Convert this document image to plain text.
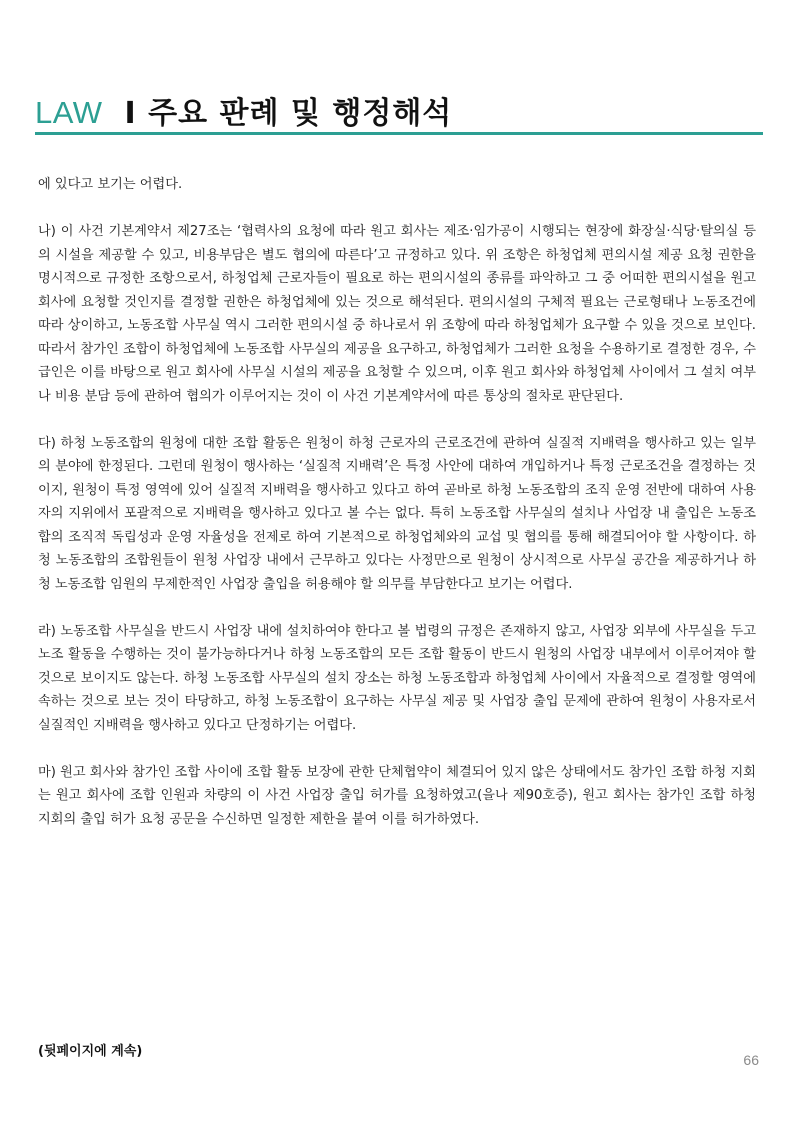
LAW I 주요 판례 및 행정해석

에 있다고 보기는 어렵다.

나) 이 사건 기본계약서 제27조는 ‘협력사의 요청에 따라 원고 회사는 제조·임가공이 시행되는 현장에 화장실·식당·탈의실 등의 시설을 제공할 수 있고, 비용부담은 별도 협의에 따른다’고 규정하고 있다. 위 조항은 하청업체 편의시설 제공 요청 권한을 명시적으로 규정한 조항으로서, 하청업체 근로자들이 필요로 하는 편의시설의 종류를 파악하고 그 중 어떠한 편의시설을 원고 회사에 요청할 것인지를 결정할 권한은 하청업체에 있는 것으로 해석된다. 편의시설의 구체적 필요는 근로형태나 노동조건에 따라 상이하고, 노동조합 사무실 역시 그러한 편의시설 중 하나로서 위 조항에 따라 하청업체가 요구할 수 있을 것으로 보인다. 따라서 참가인 조합이 하청업체에 노동조합 사무실의 제공을 요구하고, 하청업체가 그러한 요청을 수용하기로 결정한 경우, 수급인은 이를 바탕으로 원고 회사에 사무실 시설의 제공을 요청할 수 있으며, 이후 원고 회사와 하청업체 사이에서 그 설치 여부나 비용 분담 등에 관하여 협의가 이루어지는 것이 이 사건 기본계약서에 따른 통상의 절차로 판단된다.

다) 하청 노동조합의 원청에 대한 조합 활동은 원청이 하청 근로자의 근로조건에 관하여 실질적 지배력을 행사하고 있는 일부의 분야에 한정된다. 그런데 원청이 행사하는 ‘실질적 지배력’은 특정 사안에 대하여 개입하거나 특정 근로조건을 결정하는 것이지, 원청이 특정 영역에 있어 실질적 지배력을 행사하고 있다고 하여 곧바로 하청 노동조합의 조직 운영 전반에 대하여 사용자의 지위에서 포괄적으로 지배력을 행사하고 있다고 볼 수는 없다. 특히 노동조합 사무실의 설치나 사업장 내 출입은 노동조합의 조직적 독립성과 운영 자율성을 전제로 하여 기본적으로 하청업체와의 교섭 및 협의를 통해 해결되어야 할 사항이다. 하청 노동조합의 조합원들이 원청 사업장 내에서 근무하고 있다는 사정만으로 원청이 상시적으로 사무실 공간을 제공하거나 하청 노동조합 임원의 무제한적인 사업장 출입을 허용해야 할 의무를 부담한다고 보기는 어렵다.

라) 노동조합 사무실을 반드시 사업장 내에 설치하여야 한다고 볼 법령의 규정은 존재하지 않고, 사업장 외부에 사무실을 두고 노조 활동을 수행하는 것이 불가능하다거나 하청 노동조합의 모든 조합 활동이 반드시 원청의 사업장 내부에서 이루어져야 할 것으로 보이지도 않는다. 하청 노동조합 사무실의 설치 장소는 하청 노동조합과 하청업체 사이에서 자율적으로 결정할 영역에 속하는 것으로 보는 것이 타당하고, 하청 노동조합이 요구하는 사무실 제공 및 사업장 출입 문제에 관하여 원청이 사용자로서 실질적인 지배력을 행사하고 있다고 단정하기는 어렵다.

마) 원고 회사와 참가인 조합 사이에 조합 활동 보장에 관한 단체협약이 체결되어 있지 않은 상태에서도 참가인 조합 하청 지회는 원고 회사에 조합 인원과 차량의 이 사건 사업장 출입 허가를 요청하였고(을나 제90호증), 원고 회사는 참가인 조합 하청 지회의 출입 허가 요청 공문을 수신하면 일정한 제한을 붙여 이를 허가하였다.

(뒷페이지에 계속)
66
